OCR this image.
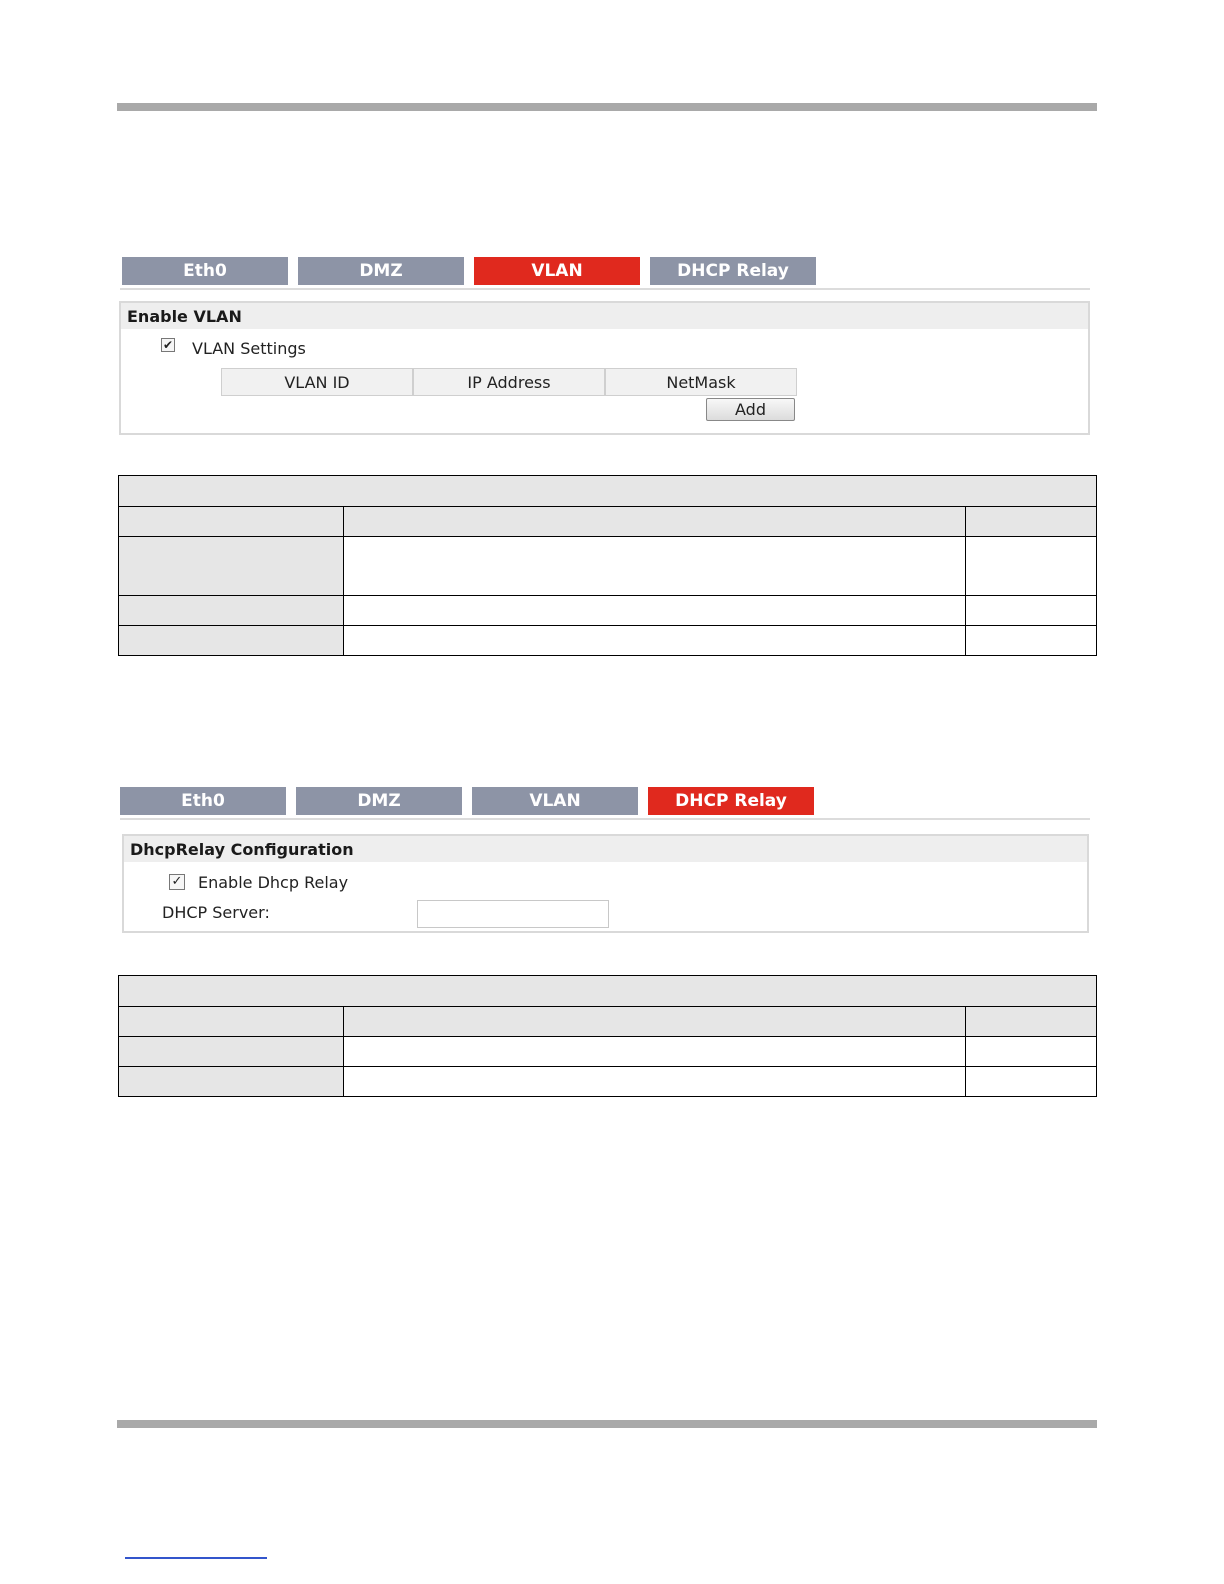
Eth0	DMZ	VLAN	DHCP Relay
Enable VLAN
✔ VLAN Settings
VLAN ID	IP Address	NetMask
Add

Eth0	DMZ	VLAN	DHCP Relay
DhcpRelay Configuration
✓ Enable Dhcp Relay
DHCP Server:
